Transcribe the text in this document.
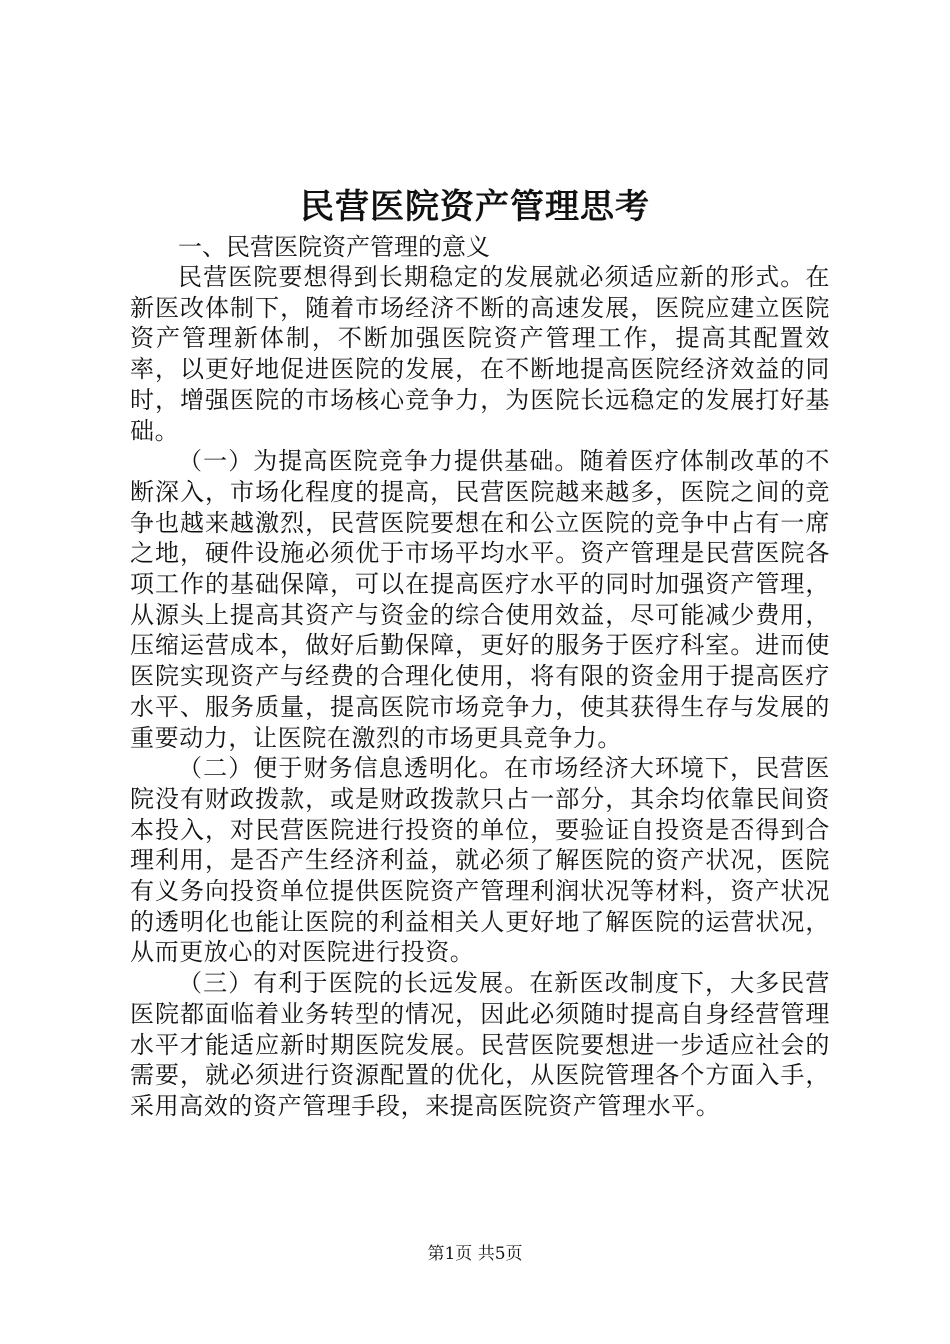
民营医院资产管理思考

一、民营医院资产管理的意义

民营医院要想得到长期稳定的发展就必须适应新的形式。在新医改体制下，随着市场经济不断的高速发展，医院应建立医院资产管理新体制，不断加强医院资产管理工作，提高其配置效率，以更好地促进医院的发展，在不断地提高医院经济效益的同时，增强医院的市场核心竞争力，为医院长远稳定的发展打好基础。

（一）为提高医院竞争力提供基础。随着医疗体制改革的不断深入，市场化程度的提高，民营医院越来越多，医院之间的竞争也越来越激烈，民营医院要想在和公立医院的竞争中占有一席之地，硬件设施必须优于市场平均水平。资产管理是民营医院各项工作的基础保障，可以在提高医疗水平的同时加强资产管理，从源头上提高其资产与资金的综合使用效益，尽可能减少费用，压缩运营成本，做好后勤保障，更好的服务于医疗科室。进而使医院实现资产与经费的合理化使用，将有限的资金用于提高医疗水平、服务质量，提高医院市场竞争力，使其获得生存与发展的重要动力，让医院在激烈的市场更具竞争力。

（二）便于财务信息透明化。在市场经济大环境下，民营医院没有财政拨款，或是财政拨款只占一部分，其余均依靠民间资本投入，对民营医院进行投资的单位，要验证自投资是否得到合理利用，是否产生经济利益，就必须了解医院的资产状况，医院有义务向投资单位提供医院资产管理利润状况等材料，资产状况的透明化也能让医院的利益相关人更好地了解医院的运营状况，从而更放心的对医院进行投资。

（三）有利于医院的长远发展。在新医改制度下，大多民营医院都面临着业务转型的情况，因此必须随时提高自身经营管理水平才能适应新时期医院发展。民营医院要想进一步适应社会的需要，就必须进行资源配置的优化，从医院管理各个方面入手，采用高效的资产管理手段，来提高医院资产管理水平。

第1页 共5页
